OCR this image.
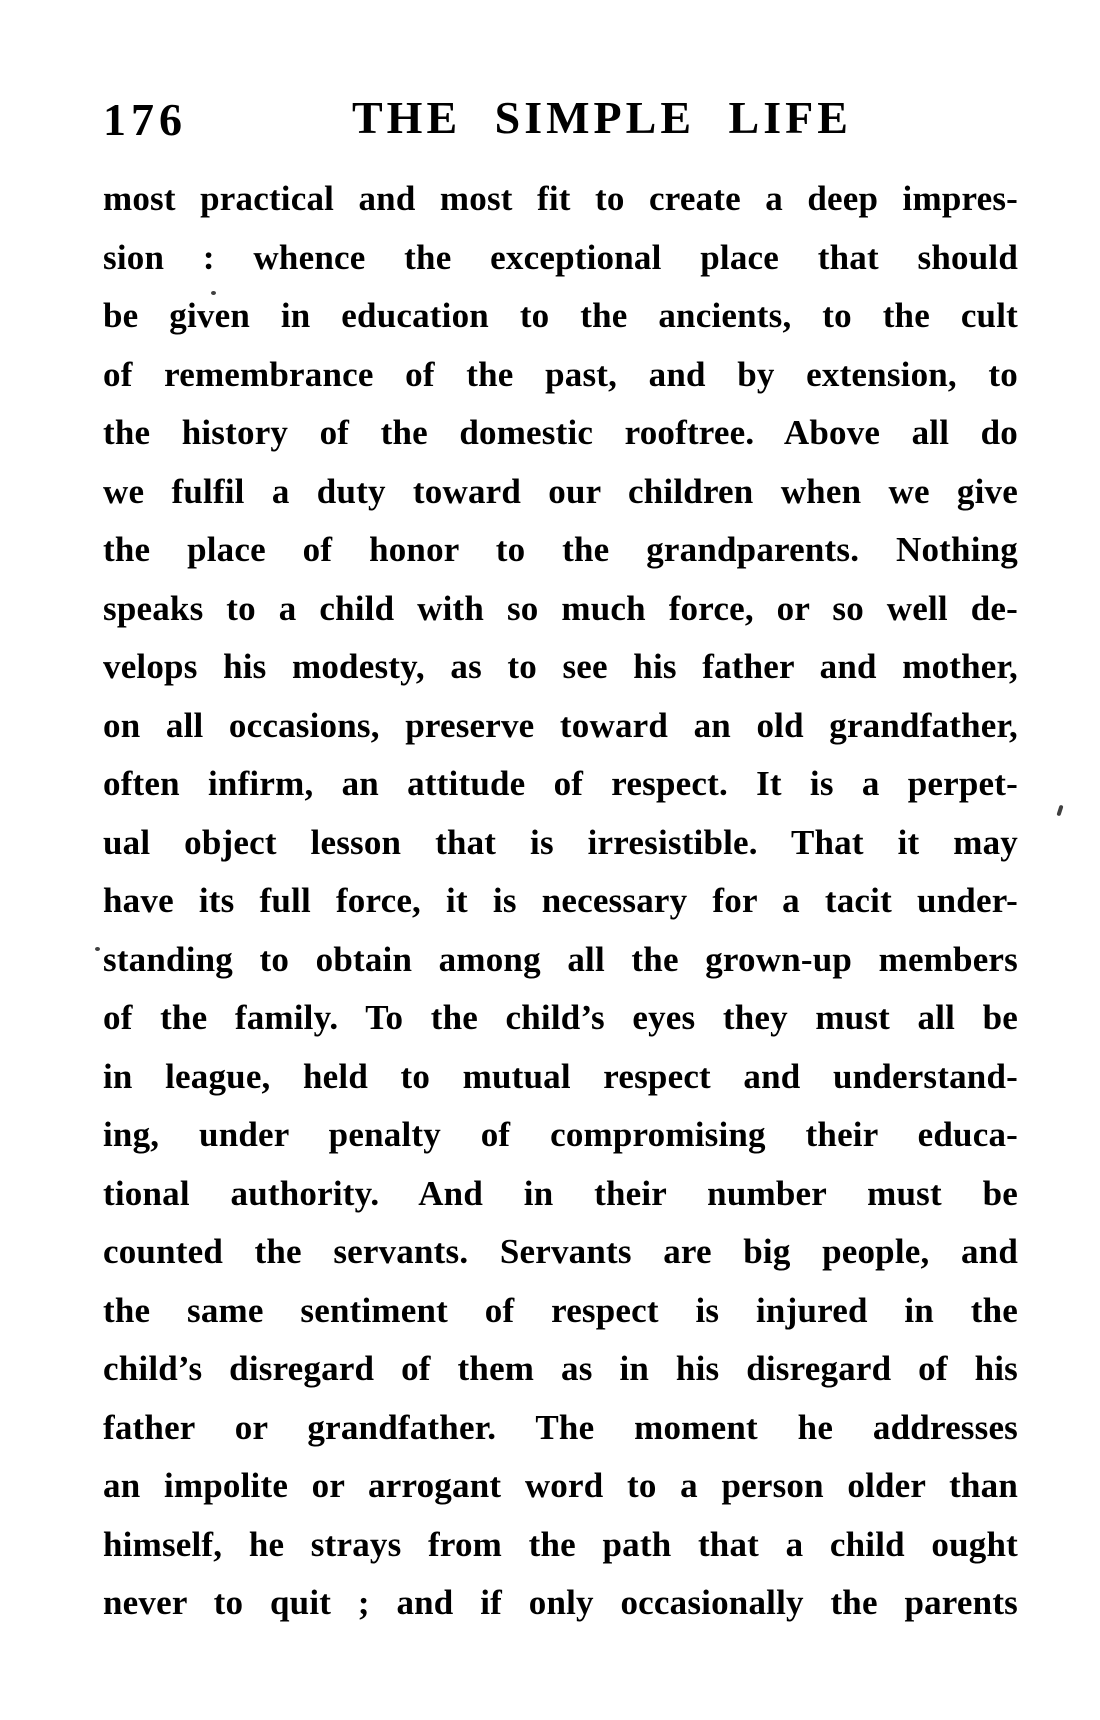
176	THE SIMPLE LIFE

most practical and most fit to create a deep impres-

sion : whence the exceptional place that should

be given in education to the ancients, to the cult

of remembrance of the past, and by extension, to

the history of the domestic rooftree. Above all do

we fulfil a duty toward our children when we give

the place of honor to the grandparents. Nothing

speaks to a child with so much force, or so well de-

velops his modesty, as to see his father and mother,

on all occasions, preserve toward an old grandfather,

often infirm, an attitude of respect. It is a perpet-

ual object lesson that is irresistible. That it may

have its full force, it is necessary for a tacit under-

standing to obtain among all the grown-up members

of the family. To the child’s eyes they must all be

in league, held to mutual respect and understand-

ing, under penalty of compromising their educa-

tional authority. And in their number must be

counted the servants. Servants are big people, and

the same sentiment of respect is injured in the

child’s disregard of them as in his disregard of his

father or grandfather. The moment he addresses

an impolite or arrogant word to a person older than

himself, he strays from the path that a child ought

never to quit ; and if only occasionally the parents
